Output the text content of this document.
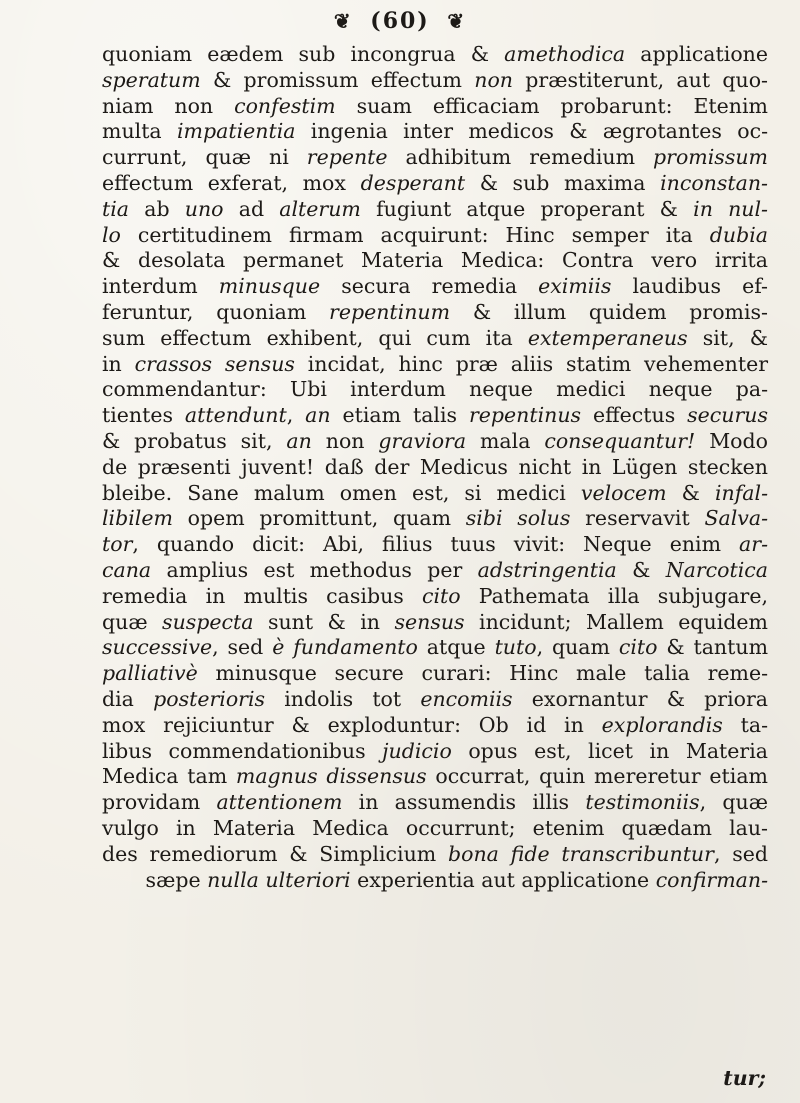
❦ (60) ❦
quoniam eædem sub incongrua & amethodica applicatione
speratum & promissum effectum non præstiterunt, aut quo-
niam non confestim suam efficaciam probarunt: Etenim
multa impatientia ingenia inter medicos & ægrotantes oc-
currunt, quæ ni repente adhibitum remedium promissum
effectum exferat, mox desperant & sub maxima inconstan-
tia ab uno ad alterum fugiunt atque properant & in nul-
lo certitudinem firmam acquirunt: Hinc semper ita dubia
& desolata permanet Materia Medica: Contra vero irrita
interdum minusque secura remedia eximiis laudibus ef-
feruntur, quoniam repentinum & illum quidem promis-
sum effectum exhibent, qui cum ita extemperaneus sit, &
in crassos sensus incidat, hinc præ aliis statim vehementer
commendantur: Ubi interdum neque medici neque pa-
tientes attendunt, an etiam talis repentinus effectus securus
& probatus sit, an non graviora mala consequantur! Modo
de præsenti juvent! daß der Medicus nicht in Lügen stecken
bleibe. Sane malum omen est, si medici velocem & infal-
libilem opem promittunt, quam sibi solus reservavit Salva-
tor, quando dicit: Abi, filius tuus vivit: Neque enim ar-
cana amplius est methodus per adstringentia & Narcotica
remedia in multis casibus cito Pathemata illa subjugare,
quæ suspecta sunt & in sensus incidunt; Mallem equidem
successive, sed è fundamento atque tuto, quam cito & tantum
palliativè minusque secure curari: Hinc male talia reme-
dia posterioris indolis tot encomiis exornantur & priora
mox rejiciuntur & exploduntur: Ob id in explorandis ta-
libus commendationibus judicio opus est, licet in Materia
Medica tam magnus dissensus occurrat, quin mereretur etiam
providam attentionem in assumendis illis testimoniis, quæ
vulgo in Materia Medica occurrunt; etenim quædam lau-
des remediorum & Simplicium bona fide transcribuntur, sed
sæpe nulla ulteriori experientia aut applicatione confirman-
tur;
